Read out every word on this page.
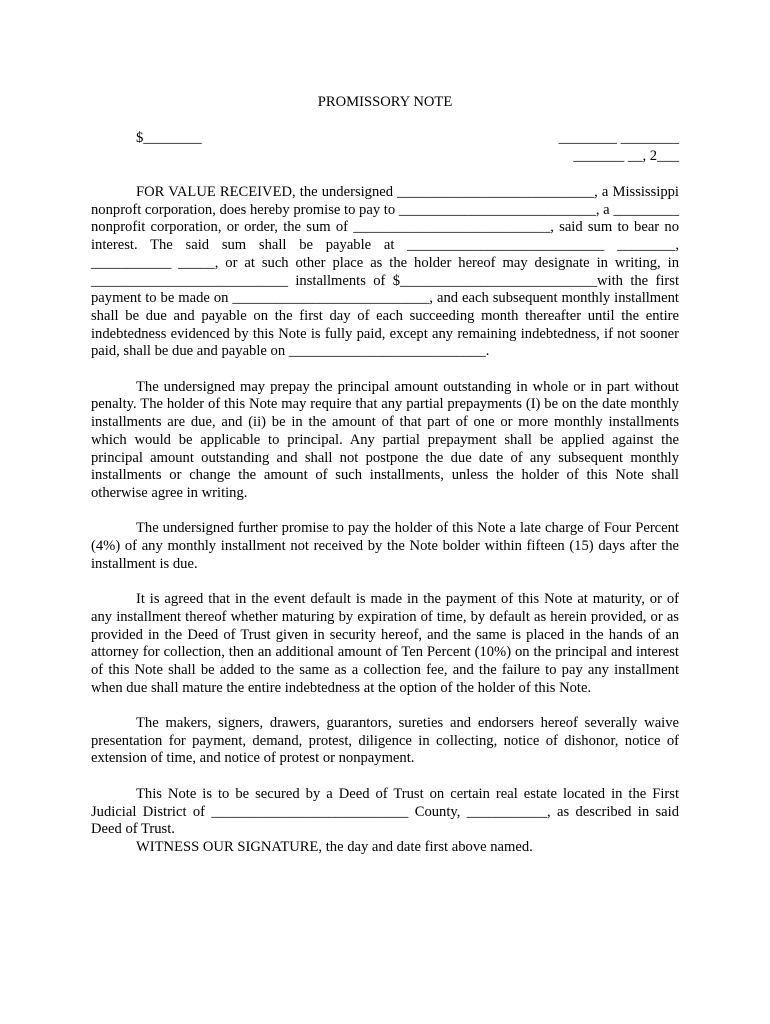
PROMISSORY NOTE
$________	________ ________
_______ __, 2___

FOR VALUE RECEIVED, the undersigned ___________________________, a Mississippi nonproft corporation, does hereby promise to pay to ___________________________, a _________ nonprofit corporation, or order, the sum of ___________________________, said sum to bear no interest. The said sum shall be payable at ___________________________ ________, ___________ _____, or at such other place as the holder hereof may designate in writing, in ___________________________ installments of $___________________________with the first payment to be made on ___________________________, and each subsequent monthly installment shall be due and payable on the first day of each succeeding month thereafter until the entire indebtedness evidenced by this Note is fully paid, except any remaining indebtedness, if not sooner paid, shall be due and payable on ___________________________.

The undersigned may prepay the principal amount outstanding in whole or in part without penalty. The holder of this Note may require that any partial prepayments (I) be on the date monthly installments are due, and (ii) be in the amount of that part of one or more monthly installments which would be applicable to principal. Any partial prepayment shall be applied against the principal amount outstanding and shall not postpone the due date of any subsequent monthly installments or change the amount of such installments, unless the holder of this Note shall otherwise agree in writing.

The undersigned further promise to pay the holder of this Note a late charge of Four Percent (4%) of any monthly installment not received by the Note bolder within fifteen (15) days after the installment is due.

It is agreed that in the event default is made in the payment of this Note at maturity, or of any installment thereof whether maturing by expiration of time, by default as herein provided, or as provided in the Deed of Trust given in security hereof, and the same is placed in the hands of an attorney for collection, then an additional amount of Ten Percent (10%) on the principal and interest of this Note shall be added to the same as a collection fee, and the failure to pay any installment when due shall mature the entire indebtedness at the option of the holder of this Note.

The makers, signers, drawers, guarantors, sureties and endorsers hereof severally waive presentation for payment, demand, protest, diligence in collecting, notice of dishonor, notice of extension of time, and notice of protest or nonpayment.

This Note is to be secured by a Deed of Trust on certain real estate located in the First Judicial District of ___________________________ County, ___________, as described in said Deed of Trust.

WITNESS OUR SIGNATURE, the day and date first above named.
